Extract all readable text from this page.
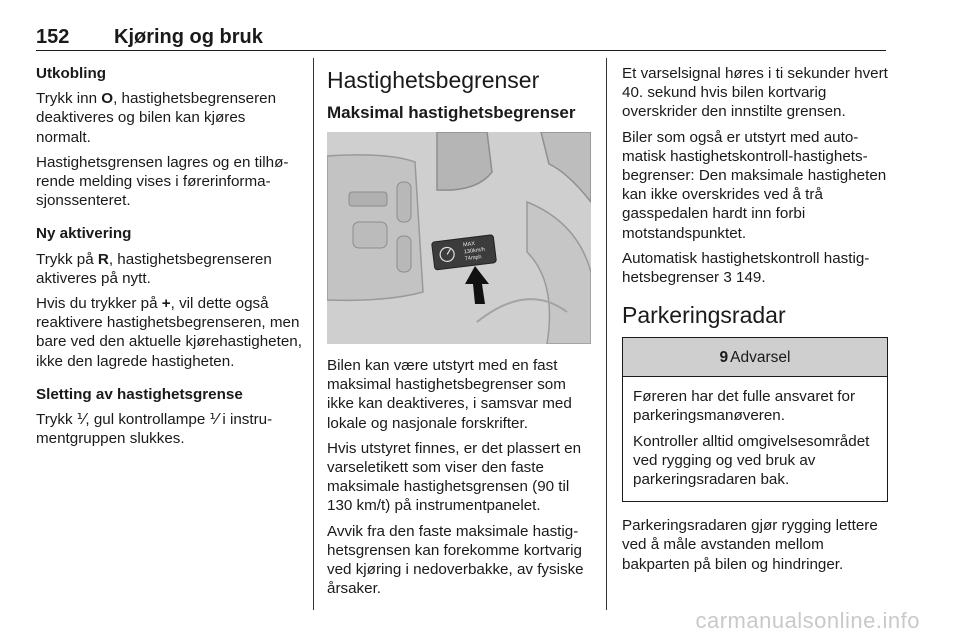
152 Kjøring og bruk

Utkobling

Trykk inn O, hastighetsbegrenseren deaktiveres og bilen kan kjøres normalt.

Hastighetsgrensen lagres og en tilhørende melding vises i førerinformasjonssenteret.

Ny aktivering

Trykk på R, hastighetsbegrenseren aktiveres på nytt.

Hvis du trykker på +, vil dette også reaktivere hastighetsbegrenseren, men bare ved den aktuelle kjørehastigheten, ikke den lagrede hastigheten.

Sletting av hastighetsgrense

Trykk ⅟, gul kontrollampe ⅟ i instrumentgruppen slukkes.

Hastighetsbegrenser
Maksimal hastighetsbegrenser
MAX
130km/h
74mph

Bilen kan være utstyrt med en fast maksimal hastighetsbegrenser som ikke kan deaktiveres, i samsvar med lokale og nasjonale forskrifter.

Hvis utstyret finnes, er det plassert en varseletikett som viser den faste maksimale hastighetsgrensen (90 til 130 km/t) på instrumentpanelet.

Avvik fra den faste maksimale hastighetsgrensen kan forekomme kortvarig ved kjøring i nedoverbakke, av fysiske årsaker.

Et varselsignal høres i ti sekunder hvert 40. sekund hvis bilen kortvarig overskrider den innstilte grensen.

Biler som også er utstyrt med automatisk hastighetskontroll-hastighetsbegrenser: Den maksimale hastigheten kan ikke overskrides ved å trå gasspedalen hardt inn forbi motstandspunktet.

Automatisk hastighetskontroll hastighetsbegrenser 3 149.

Parkeringsradar
9 Advarsel

Føreren har det fulle ansvaret for parkeringsmanøveren.

Kontroller alltid omgivelsesområdet ved rygging og ved bruk av parkeringsradaren bak.

Parkeringsradaren gjør rygging lettere ved å måle avstanden mellom bakparten på bilen og hindringer.

carmanualsonline.info
